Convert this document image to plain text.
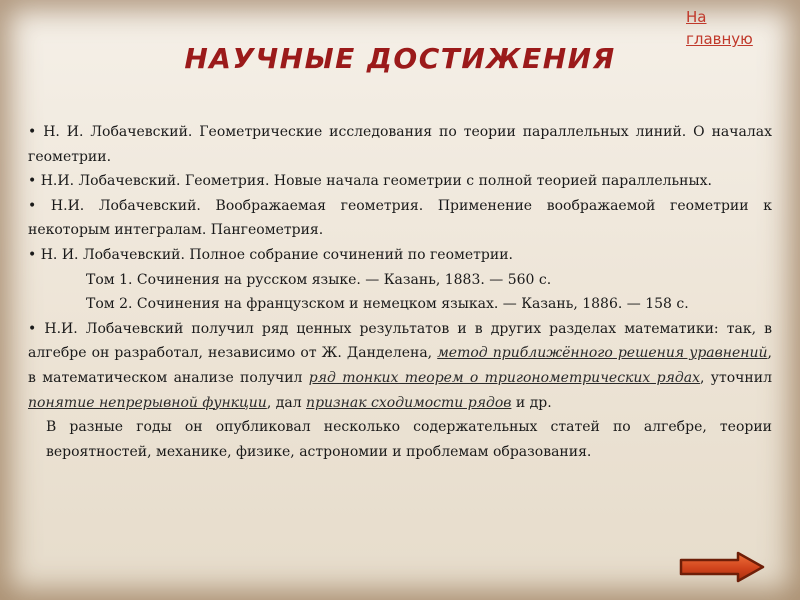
На
главную
НАУЧНЫЕ ДОСТИЖЕНИЯ

• Н. И. Лобачевский. Геометрические исследования по теории параллельных линий. О началах геометрии.

• Н.И. Лобачевский. Геометрия. Новые начала геометрии с полной теорией параллельных.

• Н.И. Лобачевский. Воображаемая геометрия. Применение воображаемой геометрии к некоторым интегралам. Пангеометрия.

• Н. И. Лобачевский. Полное собрание сочинений по геометрии.

Том 1. Сочинения на русском языке. — Казань, 1883. — 560 с.

Том 2. Сочинения на французском и немецком языках. — Казань, 1886. — 158 с.

• Н.И. Лобачевский получил ряд ценных результатов и в других разделах математики: так, в алгебре он разработал, независимо от Ж. Данделена, метод приближённого решения уравнений, в математическом анализе получил ряд тонких теорем о тригонометрических рядах, уточнил понятие непрерывной функции, дал признак сходимости рядов и др.

В разные годы он опубликовал несколько содержательных статей по алгебре, теории вероятностей, механике, физике, астрономии и проблемам образования.
